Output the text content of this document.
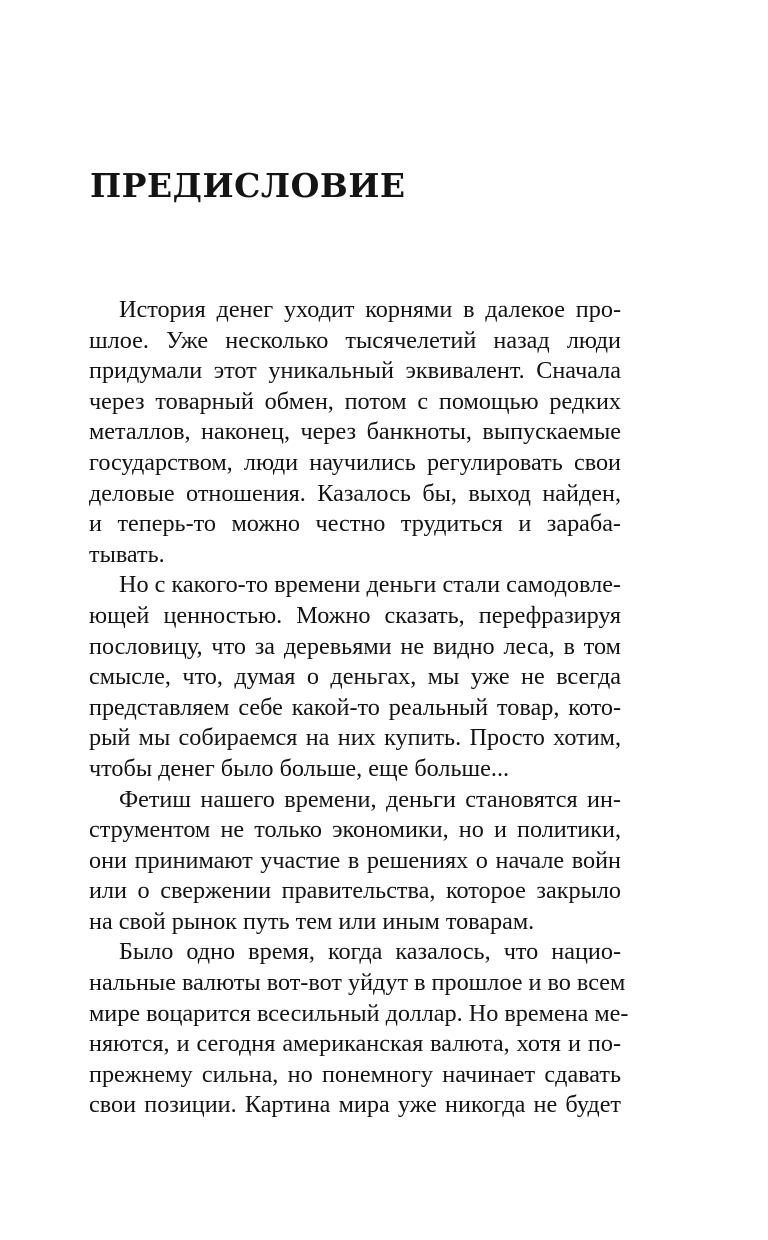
ПРЕДИСЛОВИЕ

История денег уходит корнями в далекое про-
шлое. Уже несколько тысячелетий назад люди
придумали этот уникальный эквивалент. Сначала
через товарный обмен, потом с помощью редких
металлов, наконец, через банкноты, выпускаемые
государством, люди научились регулировать свои
деловые отношения. Казалось бы, выход найден,
и теперь-то можно честно трудиться и зараба-
тывать.

Но с какого-то времени деньги стали самодовле-
ющей ценностью. Можно сказать, перефразируя
пословицу, что за деревьями не видно леса, в том
смысле, что, думая о деньгах, мы уже не всегда
представляем себе какой-то реальный товар, кото-
рый мы собираемся на них купить. Просто хотим,
чтобы денег было больше, еще больше...

Фетиш нашего времени, деньги становятся ин-
струментом не только экономики, но и политики,
они принимают участие в решениях о начале войн
или о свержении правительства, которое закрыло
на свой рынок путь тем или иным товарам.

Было одно время, когда казалось, что нацио-
нальные валюты вот-вот уйдут в прошлое и во всем
мире воцарится всесильный доллар. Но времена ме-
няются, и сегодня американская валюта, хотя и по-
прежнему сильна, но понемногу начинает сдавать
свои позиции. Картина мира уже никогда не будет
